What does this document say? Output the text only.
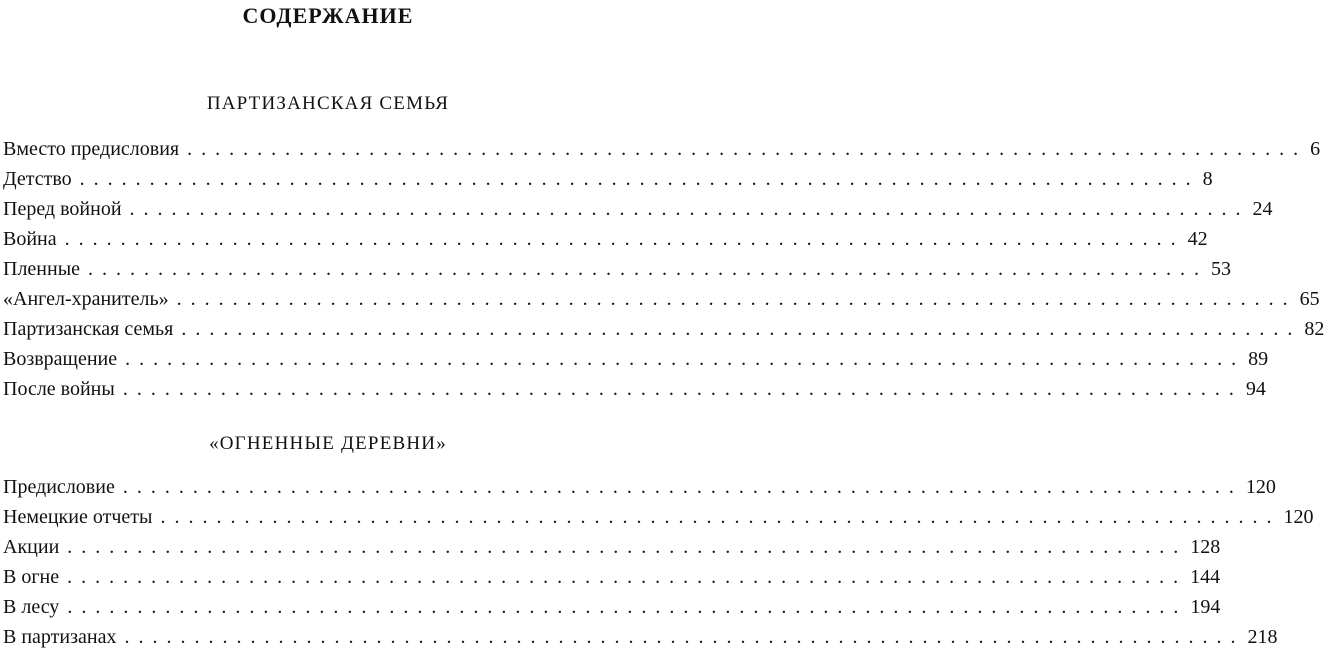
СОДЕРЖАНИЕ
ПАРТИЗАНСКАЯ СЕМЬЯ
Вместо предисловия ................................................................................ 6
Детство ................................................................................ 8
Перед войной ................................................................................ 24
Война ................................................................................ 42
Пленные ................................................................................ 53
«Ангел-хранитель» ................................................................................ 65
Партизанская семья ................................................................................ 82
Возвращение ................................................................................ 89
После войны ................................................................................ 94
«ОГНЕННЫЕ ДЕРЕВНИ»
Предисловие ................................................................................ 120
Немецкие отчеты ................................................................................ 120
Акции ................................................................................ 128
В огне ................................................................................ 144
В лесу ................................................................................ 194
В партизанах ................................................................................ 218
